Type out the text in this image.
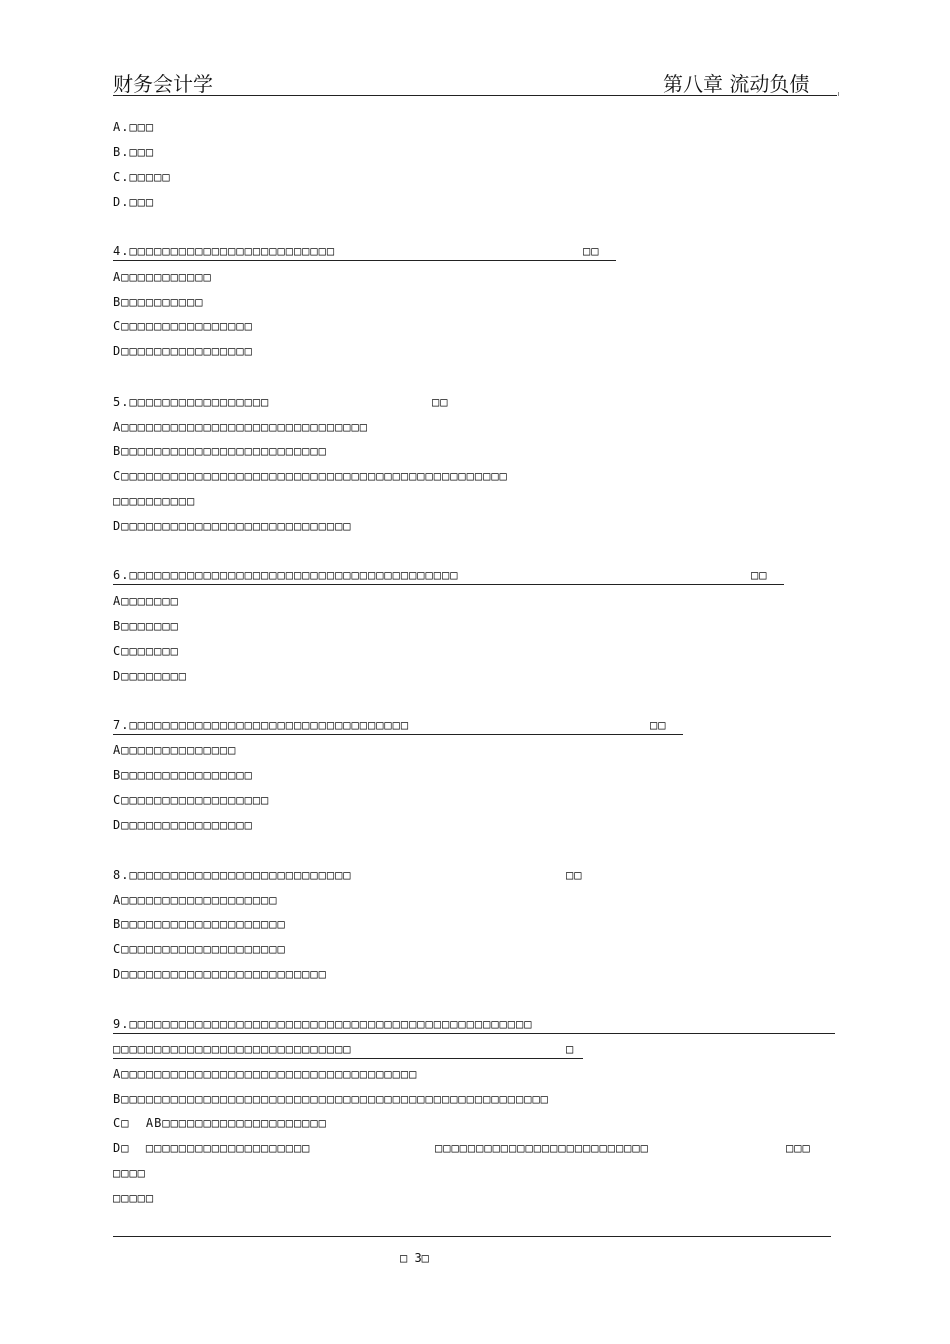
财务会计学	第八章 流动负债
A.□□□
B.□□□
C.□□□□□
D.□□□
4.□□□□□□□□□□□□□□□□□□□□□□□□□	□□
A□□□□□□□□□□□
B□□□□□□□□□□
C□□□□□□□□□□□□□□□□
D□□□□□□□□□□□□□□□□
5.□□□□□□□□□□□□□□□□□	□□
A□□□□□□□□□□□□□□□□□□□□□□□□□□□□□□
B□□□□□□□□□□□□□□□□□□□□□□□□□
C□□□□□□□□□□□□□□□□□□□□□□□□□□□□□□□□□□□□□□□□□□□□□□□
□□□□□□□□□□
D□□□□□□□□□□□□□□□□□□□□□□□□□□□□
6.□□□□□□□□□□□□□□□□□□□□□□□□□□□□□□□□□□□□□□□□	□□
A□□□□□□□
B□□□□□□□
C□□□□□□□
D□□□□□□□□
7.□□□□□□□□□□□□□□□□□□□□□□□□□□□□□□□□□□	□□
A□□□□□□□□□□□□□□
B□□□□□□□□□□□□□□□□
C□□□□□□□□□□□□□□□□□□
D□□□□□□□□□□□□□□□□
8.□□□□□□□□□□□□□□□□□□□□□□□□□□□	□□
A□□□□□□□□□□□□□□□□□□□
B□□□□□□□□□□□□□□□□□□□□
C□□□□□□□□□□□□□□□□□□□□
D□□□□□□□□□□□□□□□□□□□□□□□□□
9.□□□□□□□□□□□□□□□□□□□□□□□□□□□□□□□□□□□□□□□□□□□□□□□□□
□□□□□□□□□□□□□□□□□□□□□□□□□□□□□	□
A□□□□□□□□□□□□□□□□□□□□□□□□□□□□□□□□□□□□
B□□□□□□□□□□□□□□□□□□□□□□□□□□□□□□□□□□□□□□□□□□□□□□□□□□□□
C□  AB□□□□□□□□□□□□□□□□□□□□
D□  □□□□□□□□□□□□□□□□□□□□	□□□□□□□□□□□□□□□□□□□□□□□□□□	□□□
□□□□
□□□□□
□ 3□
